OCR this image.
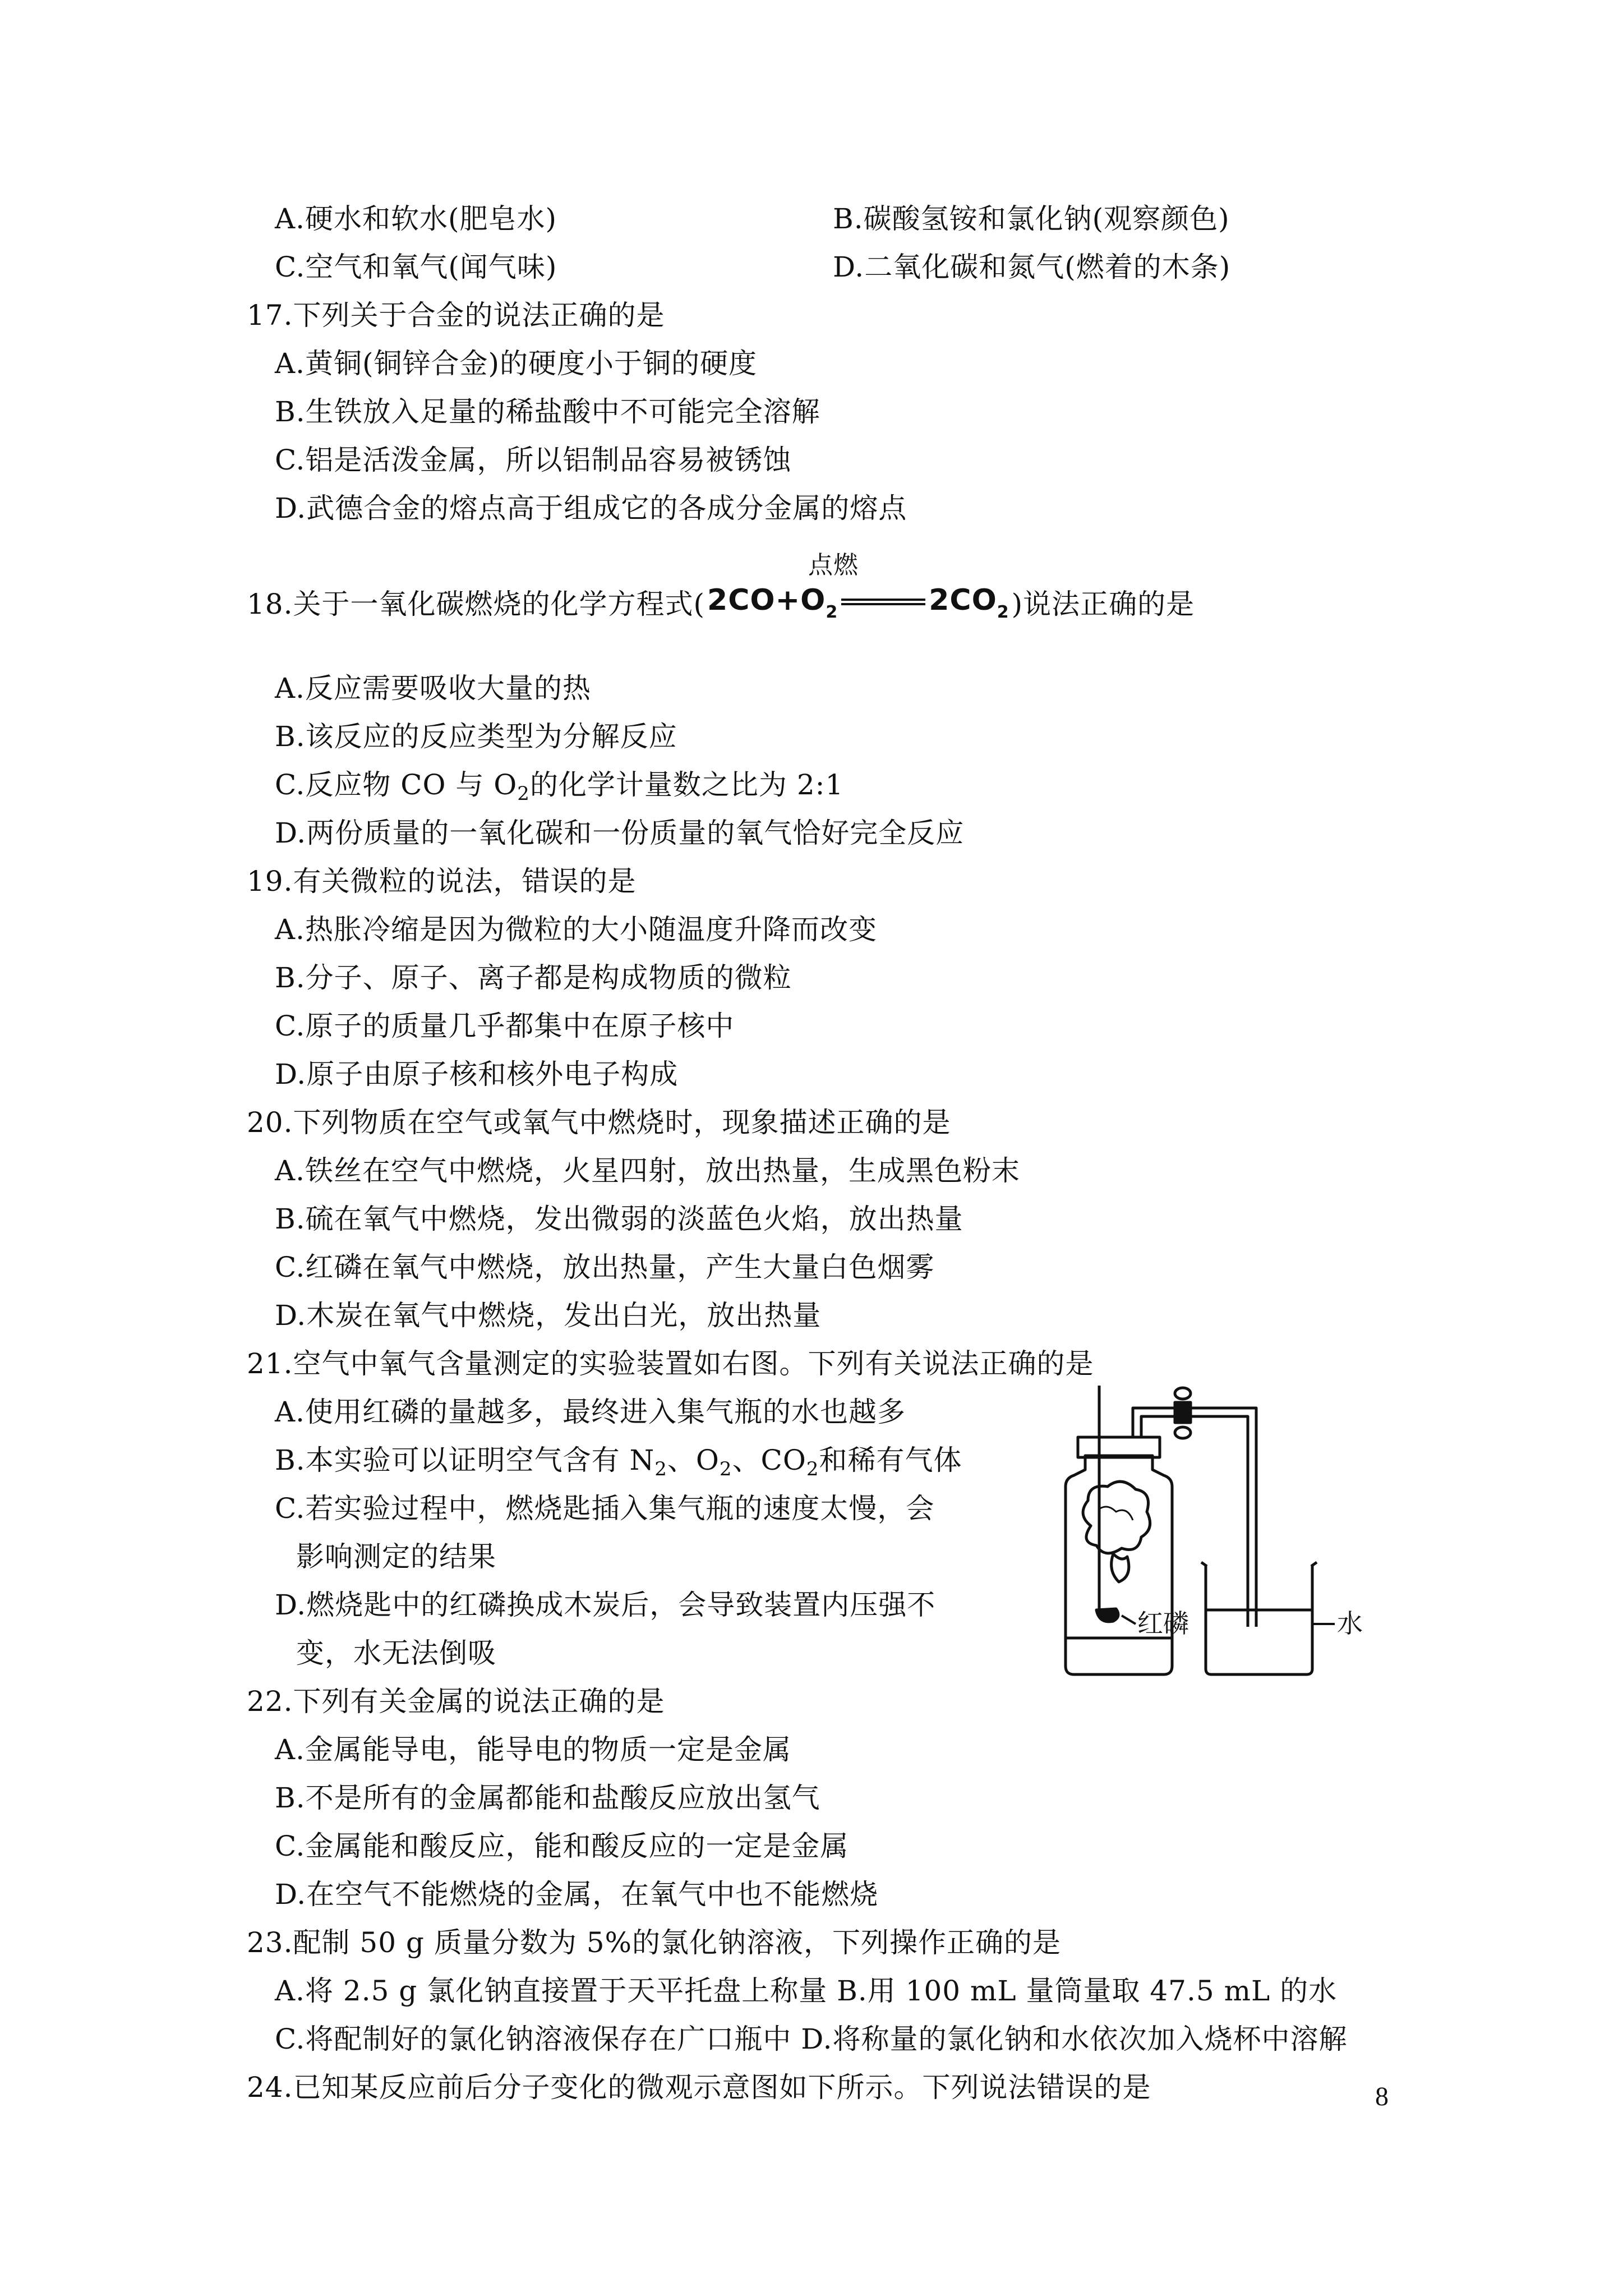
A.硬水和软水(肥皂水)	B.碳酸氢铵和氯化钠(观察颜色)
C.空气和氧气(闻气味)	D.二氧化碳和氮气(燃着的木条)
17.下列关于合金的说法正确的是
A.黄铜(铜锌合金)的硬度小于铜的硬度
B.生铁放入足量的稀盐酸中不可能完全溶解
C.铝是活泼金属，所以铝制品容易被锈蚀
D.武德合金的熔点高于组成它的各成分金属的熔点
18.关于一氧化碳燃烧的化学方程式($2CO+O_2$
点燃
$2CO_2$)说法正确的是
A.反应需要吸收大量的热
B.该反应的反应类型为分解反应
C.反应物 CO 与 $O_2$的化学计量数之比为 2:1
D.两份质量的一氧化碳和一份质量的氧气恰好完全反应
19.有关微粒的说法，错误的是
A.热胀冷缩是因为微粒的大小随温度升降而改变
B.分子、原子、离子都是构成物质的微粒
C.原子的质量几乎都集中在原子核中
D.原子由原子核和核外电子构成
20.下列物质在空气或氧气中燃烧时，现象描述正确的是
A.铁丝在空气中燃烧，火星四射，放出热量，生成黑色粉末
B.硫在氧气中燃烧，发出微弱的淡蓝色火焰，放出热量
C.红磷在氧气中燃烧，放出热量，产生大量白色烟雾
D.木炭在氧气中燃烧，发出白光，放出热量
21.空气中氧气含量测定的实验装置如右图。下列有关说法正确的是
A.使用红磷的量越多，最终进入集气瓶的水也越多
B.本实验可以证明空气含有 $N_2$、$O_2$、$CO_2$和稀有气体
C.若实验过程中，燃烧匙插入集气瓶的速度太慢，会
影响测定的结果
D.燃烧匙中的红磷换成木炭后，会导致装置内压强不
变，水无法倒吸
红磷	水
22.下列有关金属的说法正确的是
A.金属能导电，能导电的物质一定是金属
B.不是所有的金属都能和盐酸反应放出氢气
C.金属能和酸反应，能和酸反应的一定是金属
D.在空气不能燃烧的金属，在氧气中也不能燃烧
23.配制 50 g 质量分数为 5%的氯化钠溶液，下列操作正确的是
A.将 2.5 g 氯化钠直接置于天平托盘上称量 B.用 100 mL 量筒量取 47.5 mL 的水
C.将配制好的氯化钠溶液保存在广口瓶中 D.将称量的氯化钠和水依次加入烧杯中溶解
24.已知某反应前后分子变化的微观示意图如下所示。下列说法错误的是	8
